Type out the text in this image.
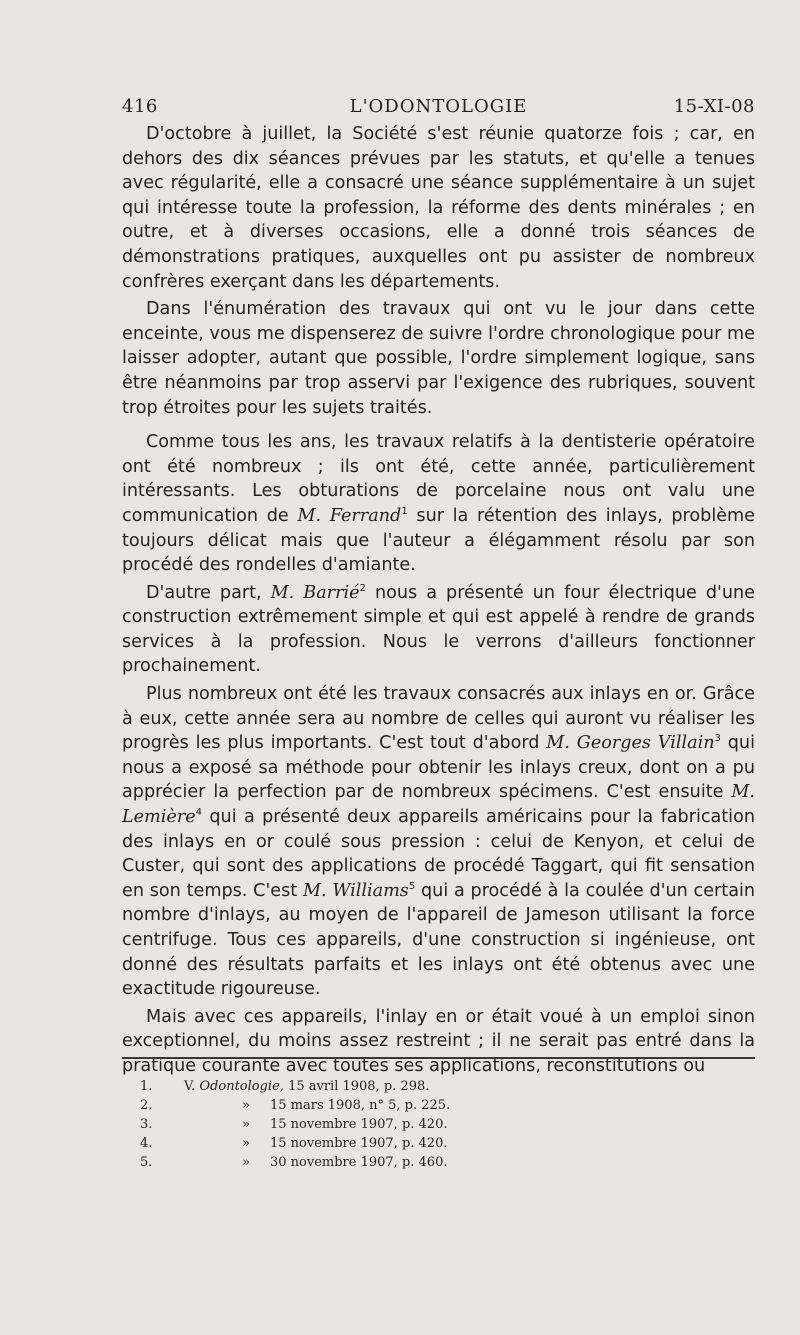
416	L'ODONTOLOGIE	15-XI-08

D'octobre à juillet, la Société s'est réunie quatorze fois ; car, en dehors des dix séances prévues par les statuts, et qu'elle a tenues avec régularité, elle a consacré une séance supplémentaire à un sujet qui intéresse toute la profession, la réforme des dents minérales ; en outre, et à diverses occasions, elle a donné trois séances de démonstrations pratiques, auxquelles ont pu assister de nombreux confrères exerçant dans les départements.

Dans l'énumération des travaux qui ont vu le jour dans cette enceinte, vous me dispenserez de suivre l'ordre chronologique pour me laisser adopter, autant que possible, l'ordre simplement logique, sans être néanmoins par trop asservi par l'exigence des rubriques, souvent trop étroites pour les sujets traités.

Comme tous les ans, les travaux relatifs à la dentisterie opératoire ont été nombreux ; ils ont été, cette année, particulièrement intéressants. Les obturations de porcelaine nous ont valu une communication de M. Ferrand$^1$ sur la rétention des inlays, problème toujours délicat mais que l'auteur a élégamment résolu par son procédé des rondelles d'amiante.

D'autre part, M. Barrié$^2$ nous a présenté un four électrique d'une construction extrêmement simple et qui est appelé à rendre de grands services à la profession. Nous le verrons d'ailleurs fonctionner prochainement.

Plus nombreux ont été les travaux consacrés aux inlays en or. Grâce à eux, cette année sera au nombre de celles qui auront vu réaliser les progrès les plus importants. C'est tout d'abord M. Georges Villain$^3$ qui nous a exposé sa méthode pour obtenir les inlays creux, dont on a pu apprécier la perfection par de nombreux spécimens. C'est ensuite M. Lemière$^4$ qui a présenté deux appareils américains pour la fabrication des inlays en or coulé sous pression : celui de Kenyon, et celui de Custer, qui sont des applications de procédé Taggart, qui fit sensation en son temps. C'est M. Williams$^5$ qui a procédé à la coulée d'un certain nombre d'inlays, au moyen de l'appareil de Jameson utilisant la force centrifuge. Tous ces appareils, d'une construction si ingénieuse, ont donné des résultats parfaits et les inlays ont été obtenus avec une exactitude rigoureuse.

Mais avec ces appareils, l'inlay en or était voué à un emploi sinon exceptionnel, du moins assez restreint ; il ne serait pas entré dans la pratique courante avec toutes ses applications, reconstitutions ou

1. V. Odontologie, 15 avril 1908, p. 298.
2.	» 15 mars 1908, n° 5, p. 225.
3.	» 15 novembre 1907, p. 420.
4.	» 15 novembre 1907, p. 420.
5.	» 30 novembre 1907, p. 460.
